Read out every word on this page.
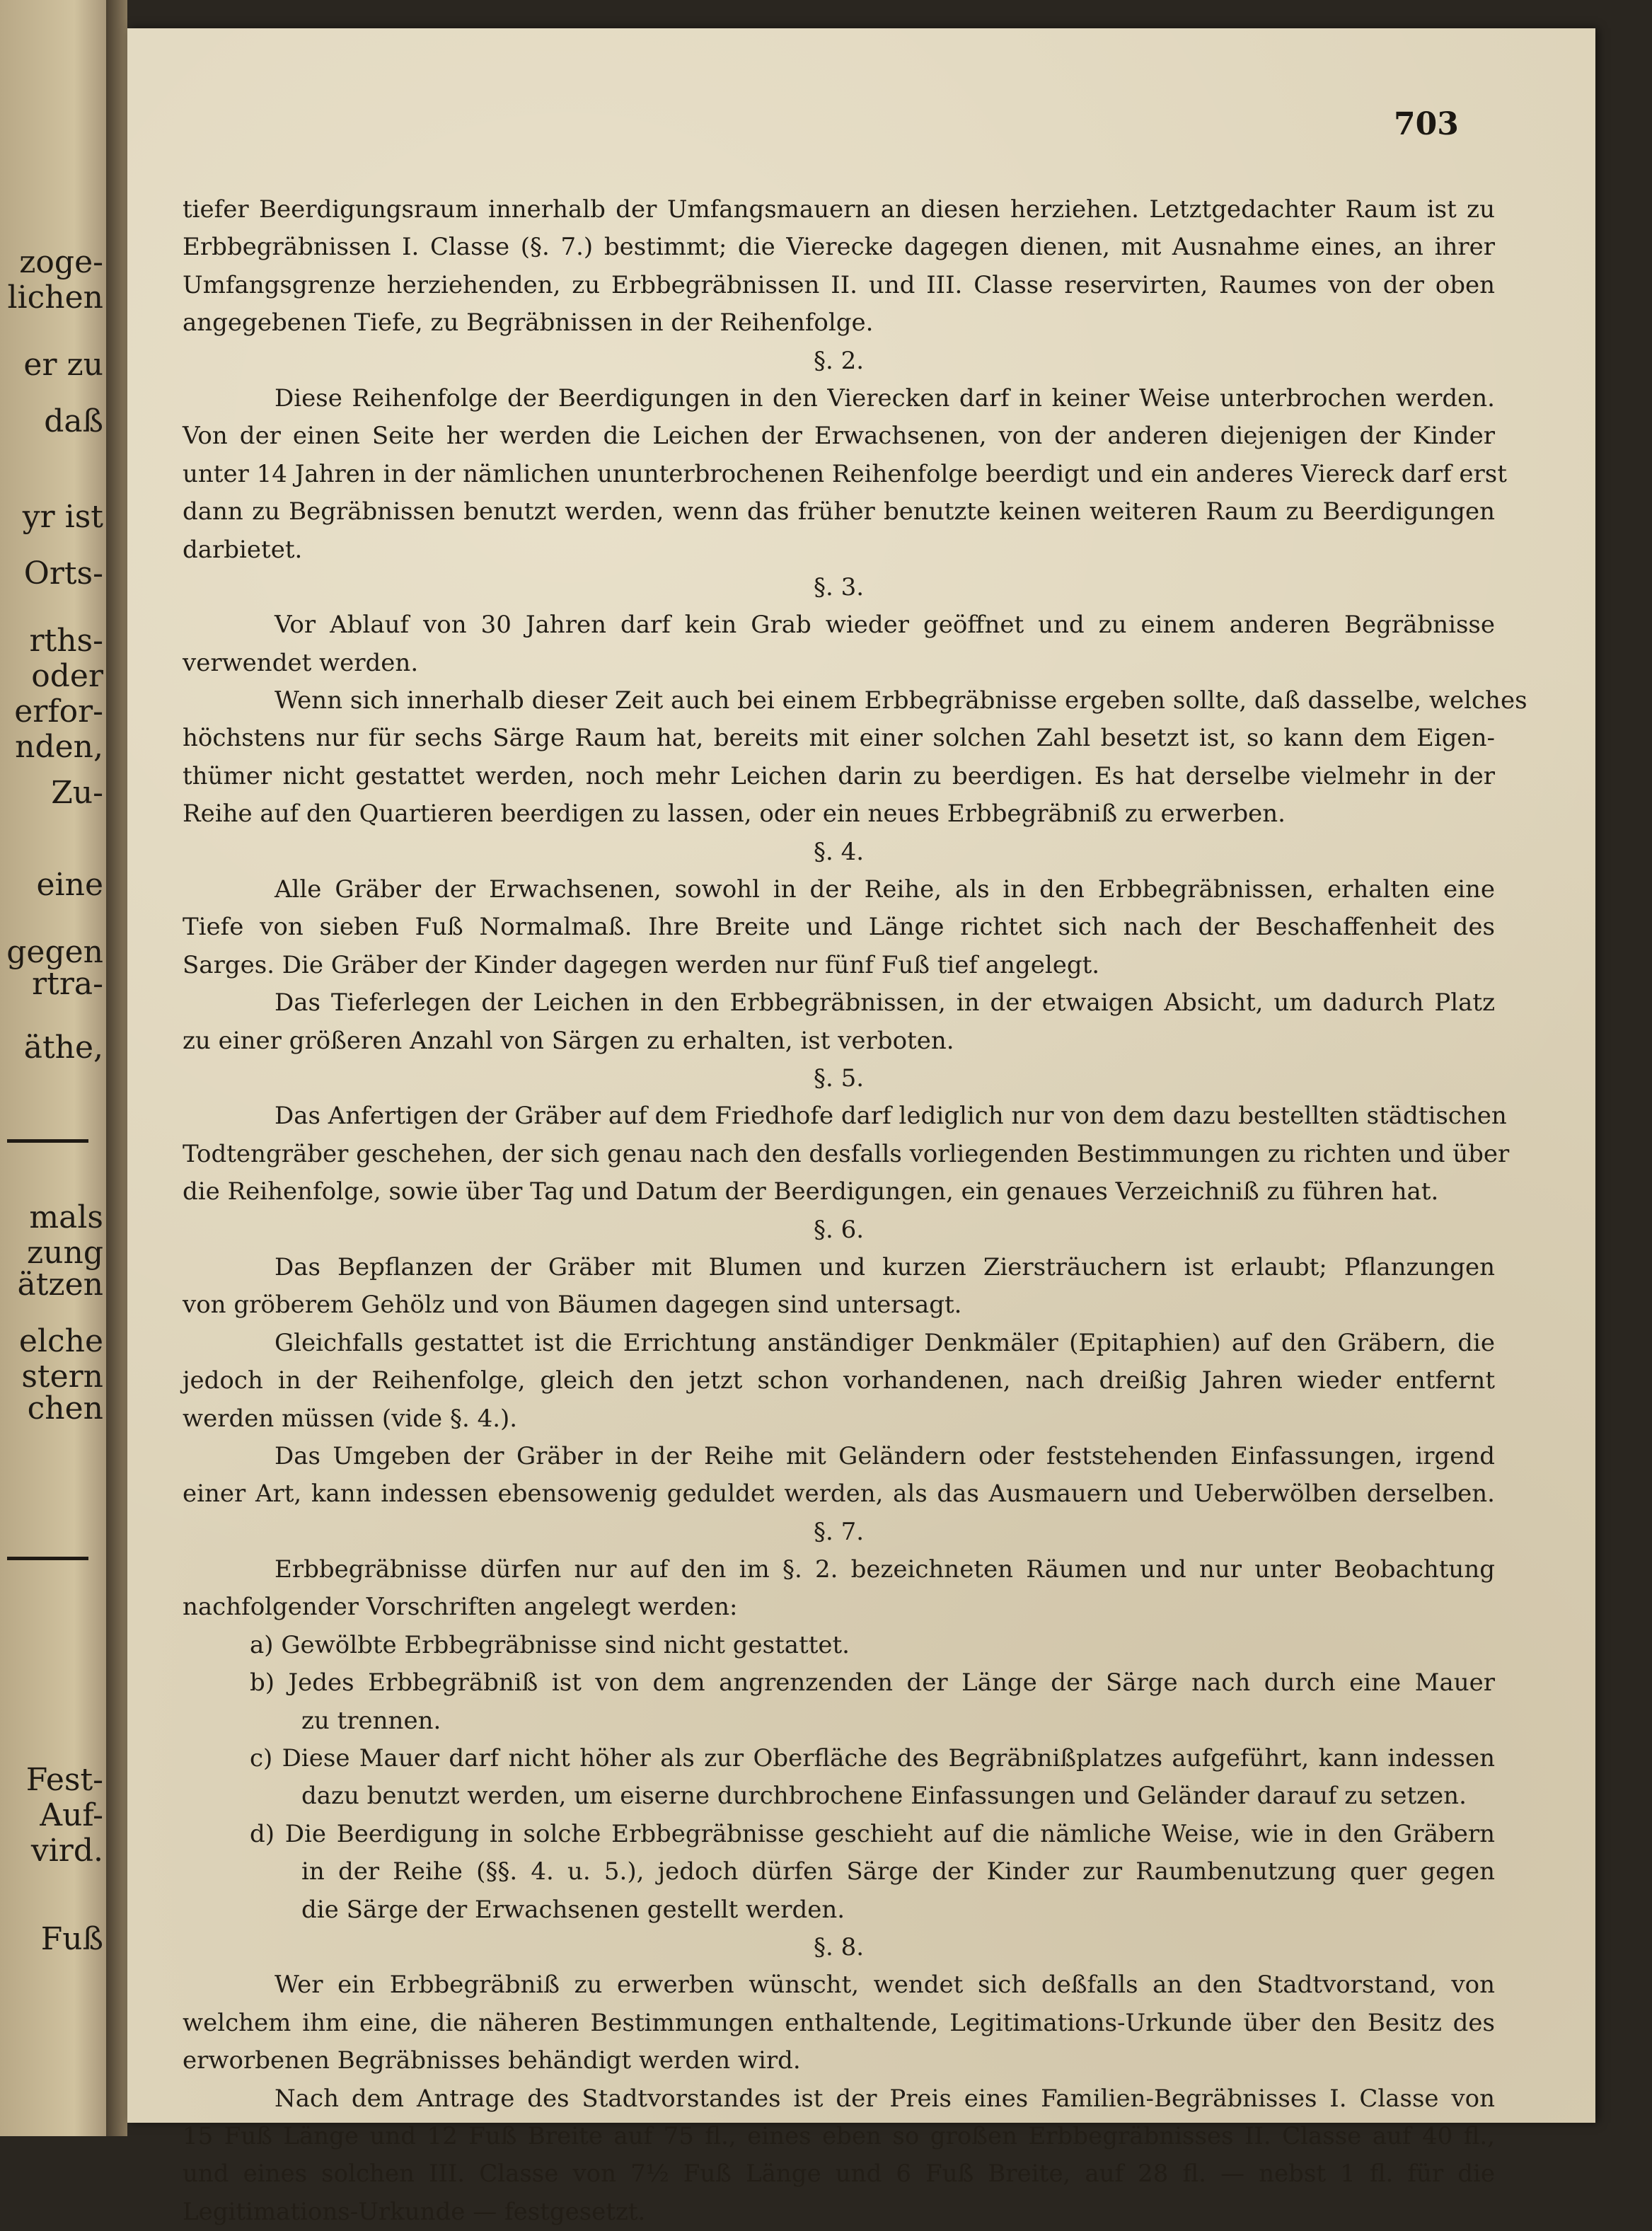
zoge-
lichen
er zu
daß
yr ist
Orts-
rths-
oder
erfor-
nden,
Zu-
eine
gegen
rtra-
äthe,
mals
zung
ätzen
elche
stern
chen
Fest-
Auf-
vird.
Fuß

703

tiefer Beerdigungsraum innerhalb der Umfangsmauern an diesen herziehen. Letztgedachter Raum ist zu
Erbbegräbnissen I. Classe (§. 7.) bestimmt; die Vierecke dagegen dienen, mit Ausnahme eines, an ihrer
Umfangsgrenze herziehenden, zu Erbbegräbnissen II. und III. Classe reservirten, Raumes von der oben
angegebenen Tiefe, zu Begräbnissen in der Reihenfolge.
§. 2.
Diese Reihenfolge der Beerdigungen in den Vierecken darf in keiner Weise unterbrochen werden.
Von der einen Seite her werden die Leichen der Erwachsenen, von der anderen diejenigen der Kinder
unter 14 Jahren in der nämlichen ununterbrochenen Reihenfolge beerdigt und ein anderes Viereck darf erst
dann zu Begräbnissen benutzt werden, wenn das früher benutzte keinen weiteren Raum zu Beerdigungen
darbietet.
§. 3.
Vor Ablauf von 30 Jahren darf kein Grab wieder geöffnet und zu einem anderen Begräbnisse
verwendet werden.
Wenn sich innerhalb dieser Zeit auch bei einem Erbbegräbnisse ergeben sollte, daß dasselbe, welches
höchstens nur für sechs Särge Raum hat, bereits mit einer solchen Zahl besetzt ist, so kann dem Eigen-
thümer nicht gestattet werden, noch mehr Leichen darin zu beerdigen. Es hat derselbe vielmehr in der
Reihe auf den Quartieren beerdigen zu lassen, oder ein neues Erbbegräbniß zu erwerben.
§. 4.
Alle Gräber der Erwachsenen, sowohl in der Reihe, als in den Erbbegräbnissen, erhalten eine
Tiefe von sieben Fuß Normalmaß. Ihre Breite und Länge richtet sich nach der Beschaffenheit des
Sarges. Die Gräber der Kinder dagegen werden nur fünf Fuß tief angelegt.
Das Tieferlegen der Leichen in den Erbbegräbnissen, in der etwaigen Absicht, um dadurch Platz
zu einer größeren Anzahl von Särgen zu erhalten, ist verboten.
§. 5.
Das Anfertigen der Gräber auf dem Friedhofe darf lediglich nur von dem dazu bestellten städtischen
Todtengräber geschehen, der sich genau nach den desfalls vorliegenden Bestimmungen zu richten und über
die Reihenfolge, sowie über Tag und Datum der Beerdigungen, ein genaues Verzeichniß zu führen hat.
§. 6.
Das Bepflanzen der Gräber mit Blumen und kurzen Ziersträuchern ist erlaubt; Pflanzungen
von gröberem Gehölz und von Bäumen dagegen sind untersagt.
Gleichfalls gestattet ist die Errichtung anständiger Denkmäler (Epitaphien) auf den Gräbern, die
jedoch in der Reihenfolge, gleich den jetzt schon vorhandenen, nach dreißig Jahren wieder entfernt
werden müssen (vide §. 4.).
Das Umgeben der Gräber in der Reihe mit Geländern oder feststehenden Einfassungen, irgend
einer Art, kann indessen ebensowenig geduldet werden, als das Ausmauern und Ueberwölben derselben.
§. 7.
Erbbegräbnisse dürfen nur auf den im §. 2. bezeichneten Räumen und nur unter Beobachtung
nachfolgender Vorschriften angelegt werden:
a) Gewölbte Erbbegräbnisse sind nicht gestattet.
b) Jedes Erbbegräbniß ist von dem angrenzenden der Länge der Särge nach durch eine Mauer
zu trennen.
c) Diese Mauer darf nicht höher als zur Oberfläche des Begräbnißplatzes aufgeführt, kann indessen
dazu benutzt werden, um eiserne durchbrochene Einfassungen und Geländer darauf zu setzen.
d) Die Beerdigung in solche Erbbegräbnisse geschieht auf die nämliche Weise, wie in den Gräbern
in der Reihe (§§. 4. u. 5.), jedoch dürfen Särge der Kinder zur Raumbenutzung quer gegen
die Särge der Erwachsenen gestellt werden.
§. 8.
Wer ein Erbbegräbniß zu erwerben wünscht, wendet sich deßfalls an den Stadtvorstand, von
welchem ihm eine, die näheren Bestimmungen enthaltende, Legitimations-Urkunde über den Besitz des
erworbenen Begräbnisses behändigt werden wird.
Nach dem Antrage des Stadtvorstandes ist der Preis eines Familien-Begräbnisses I. Classe von
15 Fuß Länge und 12 Fuß Breite auf 75 fl., eines eben so großen Erbbegräbnisses II. Classe auf 40 fl.,
und eines solchen III. Classe von 7½ Fuß Länge und 6 Fuß Breite, auf 28 fl. — nebst 1 fl. für die
Legitimations-Urkunde — festgesetzt.
